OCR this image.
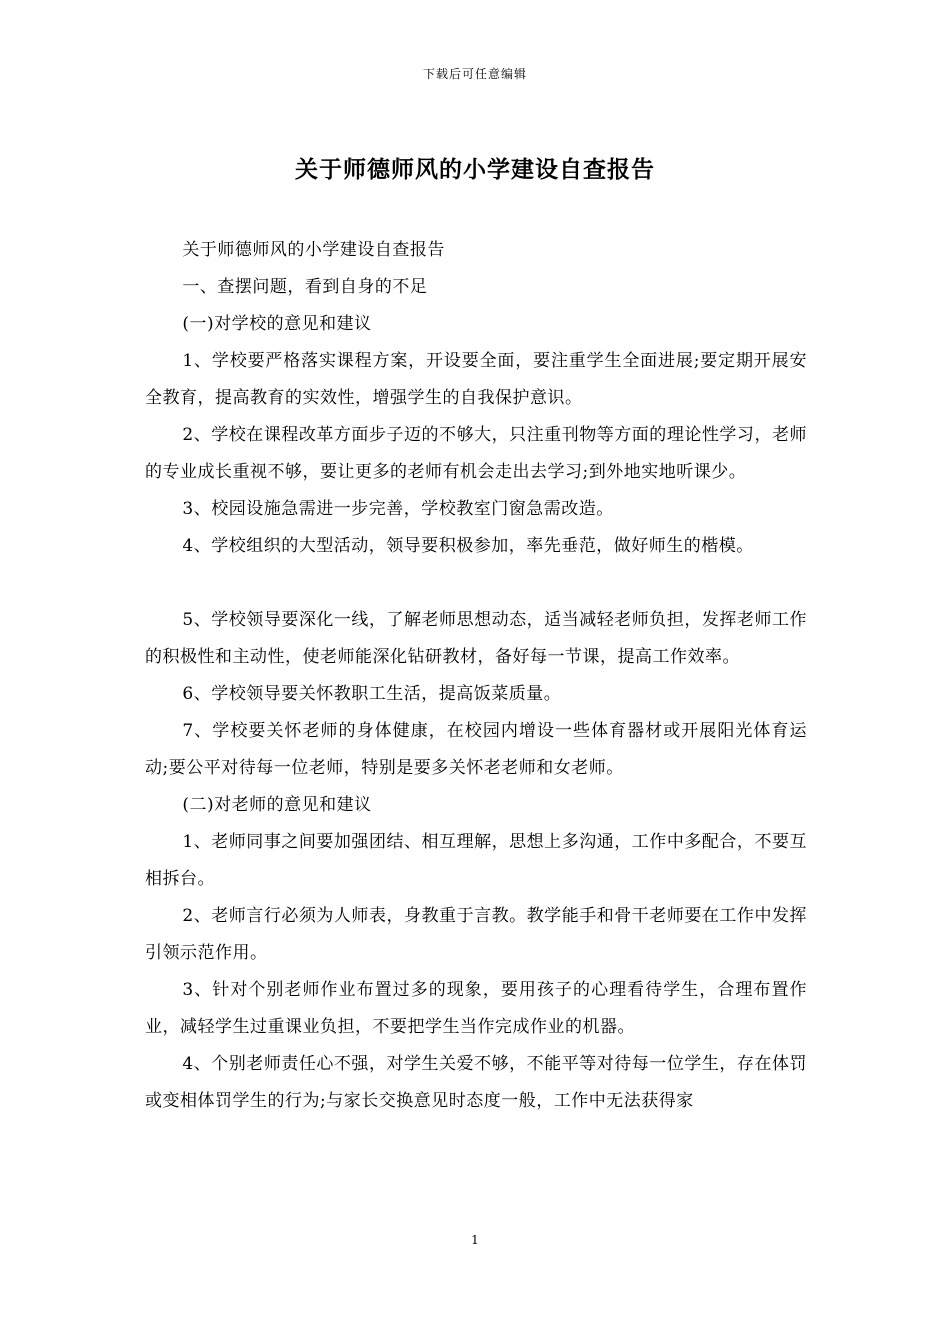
下载后可任意编辑
关于师德师风的小学建设自查报告

关于师德师风的小学建设自查报告

一、查摆问题，看到自身的不足

(一)对学校的意见和建议

1、学校要严格落实课程方案，开设要全面，要注重学生全面进展;要定期开展安全教育，提高教育的实效性，增强学生的自我保护意识。

2、学校在课程改革方面步子迈的不够大，只注重刊物等方面的理论性学习，老师的专业成长重视不够，要让更多的老师有机会走出去学习;到外地实地听课少。

3、校园设施急需进一步完善，学校教室门窗急需改造。

4、学校组织的大型活动，领导要积极参加，率先垂范，做好师生的楷模。

5、学校领导要深化一线，了解老师思想动态，适当减轻老师负担，发挥老师工作的积极性和主动性，使老师能深化钻研教材，备好每一节课，提高工作效率。

6、学校领导要关怀教职工生活，提高饭菜质量。

7、学校要关怀老师的身体健康，在校园内增设一些体育器材或开展阳光体育运动;要公平对待每一位老师，特别是要多关怀老老师和女老师。

(二)对老师的意见和建议

1、老师同事之间要加强团结、相互理解，思想上多沟通，工作中多配合，不要互相拆台。

2、老师言行必须为人师表，身教重于言教。教学能手和骨干老师要在工作中发挥引领示范作用。

3、针对个别老师作业布置过多的现象，要用孩子的心理看待学生，合理布置作业，减轻学生过重课业负担，不要把学生当作完成作业的机器。

4、个别老师责任心不强，对学生关爱不够，不能平等对待每一位学生，存在体罚或变相体罚学生的行为;与家长交换意见时态度一般，工作中无法获得家

1
